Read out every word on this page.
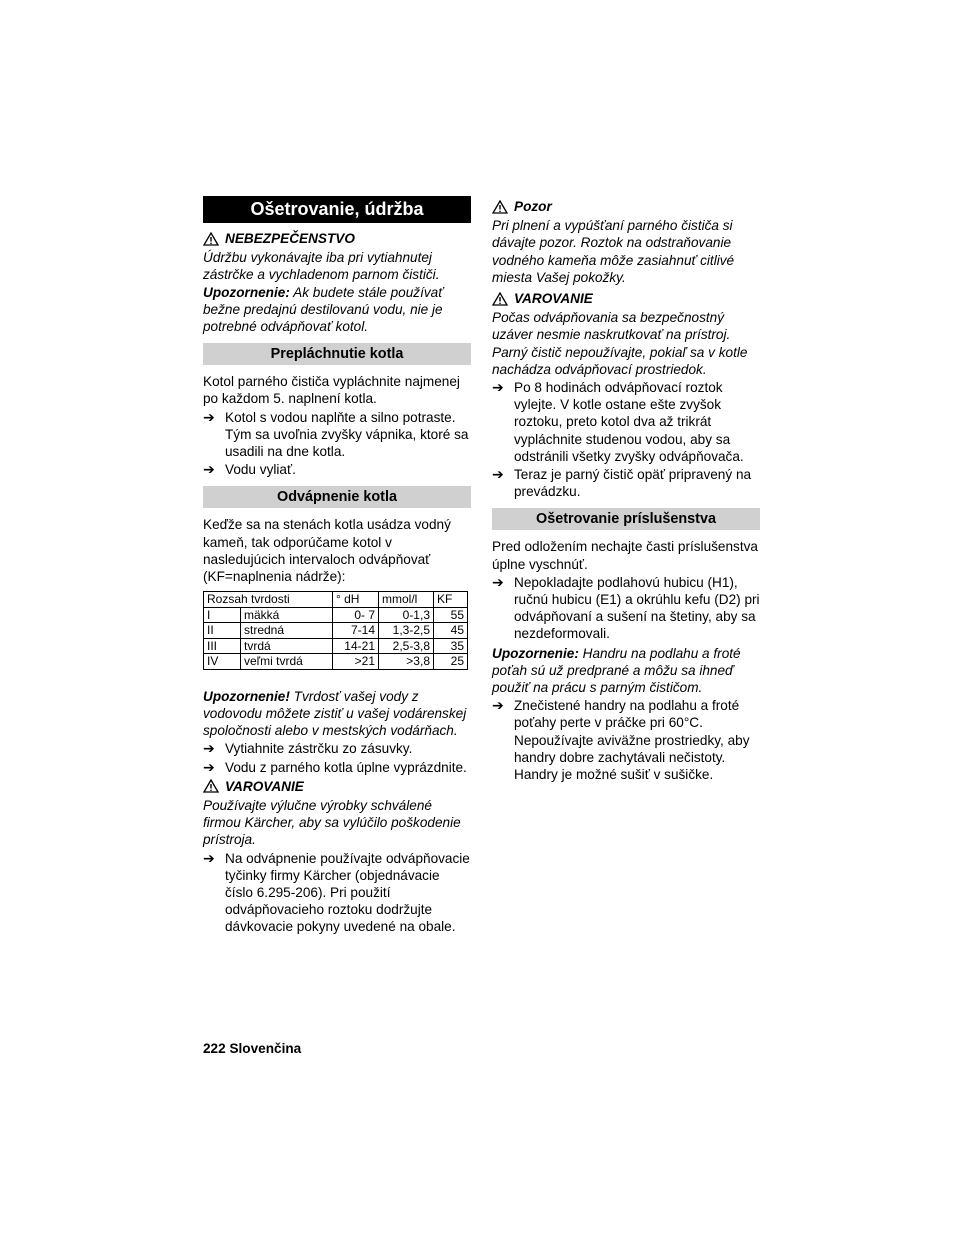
Ošetrovanie, údržba
NEBEZPEČENSTVO

Údržbu vykonávajte iba pri vytiahnutej zástrčke a vychladenom parnom čističi.

Upozornenie: Ak budete stále používať bežne predajnú destilovanú vodu, nie je potrebné odvápňovať kotol.

Prepláchnutie kotla

Kotol parného čističa vypláchnite najmenej po každom 5. naplnení kotla.

➔ Kotol s vodou naplňte a silno potraste. Tým sa uvoľnia zvyšky vápnika, ktoré sa usadili na dne kotla.
➔ Vodu vyliať.
Odvápnenie kotla

Keďže sa na stenách kotla usádza vodný kameň, tak odporúčame kotol v nasledujúcich intervaloch odvápňovať (KF=naplnenia nádrže):

Rozsah tvrdosti		° dH	mmol/l	KF
I	mäkká	0- 7	0-1,3	55
II	stredná	7-14	1,3-2,5	45
III	tvrdá	14-21	2,5-3,8	35
IV	veľmi tvrdá	>21	>3,8	25

Upozornenie! Tvrdosť vašej vody z vodovodu môžete zistiť u vašej vodárenskej spoločnosti alebo v mestských vodárňach.

➔ Vytiahnite zástrčku zo zásuvky.
➔ Vodu z parného kotla úplne vyprázdnite.
VAROVANIE

Používajte výlučne výrobky schválené firmou Kärcher, aby sa vylúčilo poškodenie prístroja.

➔ Na odvápnenie používajte odvápňovacie tyčinky firmy Kärcher (objednávacie číslo 6.295-206). Pri použití odvápňovacieho roztoku dodržujte dávkovacie pokyny uvedené na obale.
Pozor

Pri plnení a vypúšťaní parného čističa si dávajte pozor. Roztok na odstraňovanie vodného kameňa môže zasiahnuť citlivé miesta Vašej pokožky.

VAROVANIE

Počas odvápňovania sa bezpečnostný uzáver nesmie naskrutkovať na prístroj. Parný čistič nepoužívajte, pokiaľ sa v kotle nachádza odvápňovací prostriedok.

➔ Po 8 hodinách odvápňovací roztok vylejte. V kotle ostane ešte zvyšok roztoku, preto kotol dva až trikrát vypláchnite studenou vodou, aby sa odstránili všetky zvyšky odvápňovača.
➔ Teraz je parný čistič opäť pripravený na prevádzku.
Ošetrovanie príslušenstva

Pred odložením nechajte časti príslušenstva úplne vyschnúť.

➔ Nepokladajte podlahovú hubicu (H1), ručnú hubicu (E1) a okrúhlu kefu (D2) pri odvápňovaní a sušení na štetiny, aby sa nezdeformovali.

Upozornenie: Handru na podlahu a froté poťah sú už predprané a môžu sa ihneď použiť na prácu s parným čističom.

➔ Znečistené handry na podlahu a froté poťahy perte v práčke pri 60°C. Nepoužívajte aviväžne prostriedky, aby handry dobre zachytávali nečistoty. Handry je možné sušiť v sušičke.
222 Slovenčina
